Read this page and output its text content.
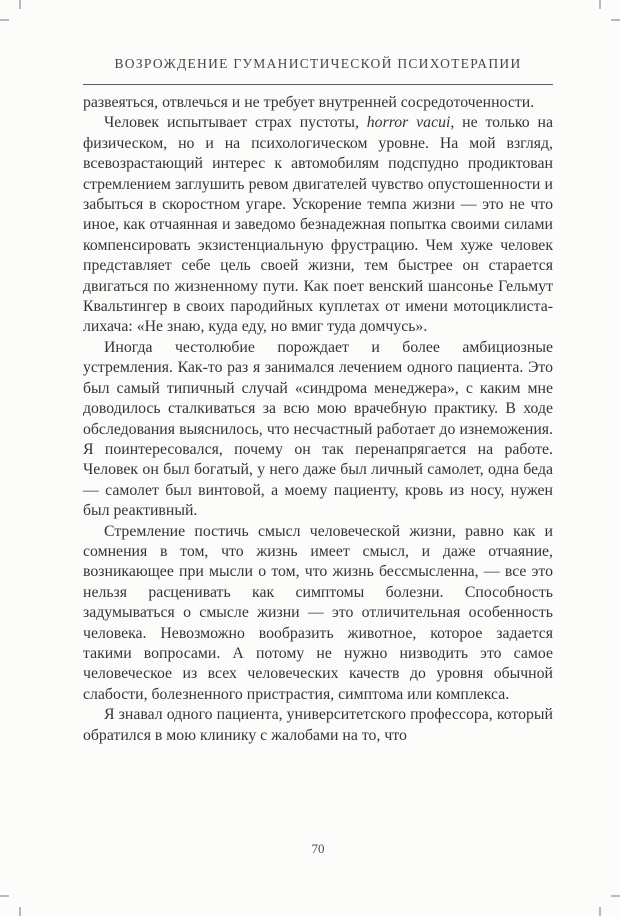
ВОЗРОЖДЕНИЕ ГУМАНИСТИЧЕСКОЙ ПСИХОТЕРАПИИ

развеяться, отвлечься и не требует внутренней сосредоточенности.

Человек испытывает страх пустоты, horror vacui, не только на физическом, но и на психологическом уровне. На мой взгляд, всевозрастающий интерес к автомобилям подспудно продиктован стремлением заглушить ревом двигателей чувство опустошенности и забыться в скоростном угаре. Ускорение темпа жизни — это не что иное, как отчаянная и заведомо безнадежная попытка своими силами компенсировать экзистенциальную фрустрацию. Чем хуже человек представляет себе цель своей жизни, тем быстрее он старается двигаться по жизненному пути. Как поет венский шансонье Гельмут Квальтингер в своих пародийных куплетах от имени мотоциклиста-лихача: «Не знаю, куда еду, но вмиг туда домчусь».

Иногда честолюбие порождает и более амбициозные устремления. Как-то раз я занимался лечением одного пациента. Это был самый типичный случай «синдрома менеджера», с каким мне доводилось сталкиваться за всю мою врачебную практику. В ходе обследования выяснилось, что несчастный работает до изнеможения. Я поинтересовался, почему он так перенапрягается на работе. Человек он был богатый, у него даже был личный самолет, одна беда — самолет был винтовой, а моему пациенту, кровь из носу, нужен был реактивный.

Стремление постичь смысл человеческой жизни, равно как и сомнения в том, что жизнь имеет смысл, и даже отчаяние, возникающее при мысли о том, что жизнь бессмысленна, — все это нельзя расценивать как симптомы болезни. Способность задумываться о смысле жизни — это отличительная особенность человека. Невозможно вообразить животное, которое задается такими вопросами. А потому не нужно низводить это самое человеческое из всех человеческих качеств до уровня обычной слабости, болезненного пристрастия, симптома или комплекса.

Я знавал одного пациента, университетского профессора, который обратился в мою клинику с жалобами на то, что

70
